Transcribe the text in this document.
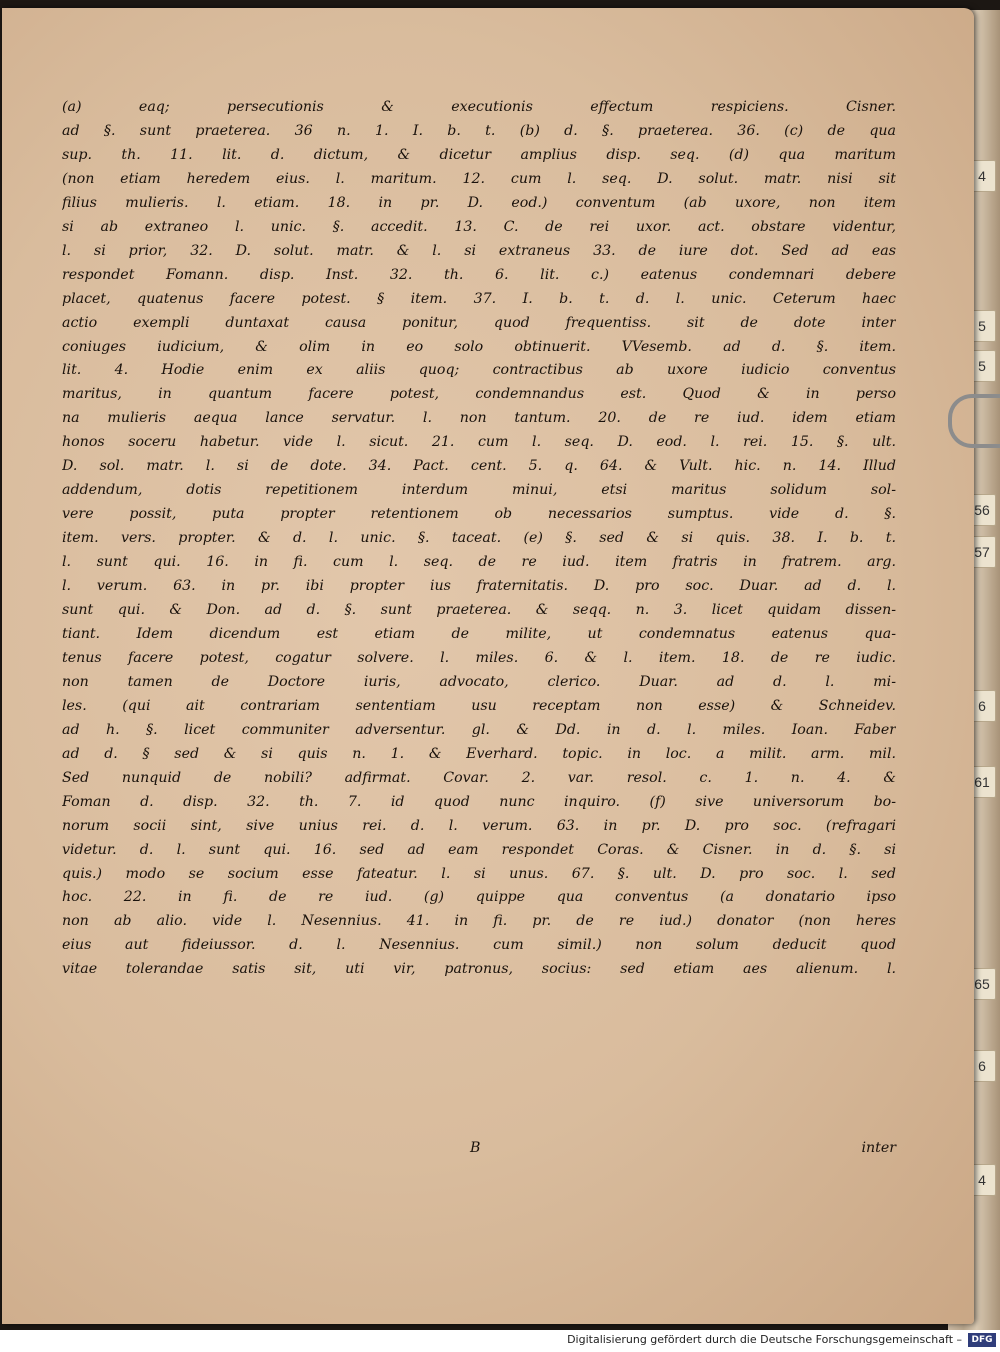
4
5
5
56
57
6
61
65
6
4
(a) eaq; persecutionis & executionis effectum respiciens. Cisner.
ad §. sunt praeterea. 36 n. 1. I. b. t. (b) d. §. praeterea. 36. (c) de qua
sup. th. 11. lit. d. dictum, & dicetur amplius disp. seq. (d) qua maritum
(non etiam heredem eius. l. maritum. 12. cum l. seq. D. solut. matr. nisi sit
filius mulieris. l. etiam. 18. in pr. D. eod.) conventum (ab uxore, non item
si ab extraneo l. unic. §. accedit. 13. C. de rei uxor. act. obstare videntur,
l. si prior, 32. D. solut. matr. & l. si extraneus 33. de iure dot. Sed ad eas
respondet Fomann. disp. Inst. 32. th. 6. lit. c.) eatenus condemnari debere
placet, quatenus facere potest. § item. 37. I. b. t. d. l. unic. Ceterum haec
actio exempli duntaxat causa ponitur, quod frequentiss. sit de dote inter
coniuges iudicium, & olim in eo solo obtinuerit. VVesemb. ad d. §. item.
lit. 4. Hodie enim ex aliis quoq; contractibus ab uxore iudicio conventus
maritus, in quantum facere potest, condemnandus est. Quod & in perso
na mulieris aequa lance servatur. l. non tantum. 20. de re iud. idem etiam
honos soceru habetur. vide l. sicut. 21. cum l. seq. D. eod. l. rei. 15. §. ult.
D. sol. matr. l. si de dote. 34. Pact. cent. 5. q. 64. & Vult. hic. n. 14. Illud
addendum, dotis repetitionem interdum minui, etsi maritus solidum sol-
vere possit, puta propter retentionem ob necessarios sumptus. vide d. §.
item. vers. propter. & d. l. unic. §. taceat. (e) §. sed & si quis. 38. I. b. t.
l. sunt qui. 16. in fi. cum l. seq. de re iud. item fratris in fratrem. arg.
l. verum. 63. in pr. ibi propter ius fraternitatis. D. pro soc. Duar. ad d. l.
sunt qui. & Don. ad d. §. sunt praeterea. & seqq. n. 3. licet quidam dissen-
tiant. Idem dicendum est etiam de milite, ut condemnatus eatenus qua-
tenus facere potest, cogatur solvere. l. miles. 6. & l. item. 18. de re iudic.
non tamen de Doctore iuris, advocato, clerico. Duar. ad d. l. mi-
les. (qui ait contrariam sententiam usu receptam non esse) & Schneidev.
ad h. §. licet communiter adversentur. gl. & Dd. in d. l. miles. Ioan. Faber
ad d. § sed & si quis n. 1. & Everhard. topic. in loc. a milit. arm. mil.
Sed nunquid de nobili? adfirmat. Covar. 2. var. resol. c. 1. n. 4. &
Foman d. disp. 32. th. 7. id quod nunc inquiro. (f) sive universorum bo-
norum socii sint, sive unius rei. d. l. verum. 63. in pr. D. pro soc. (refragari
videtur. d. l. sunt qui. 16. sed ad eam respondet Coras. & Cisner. in d. §. si
quis.) modo se socium esse fateatur. l. si unus. 67. §. ult. D. pro soc. l. sed
hoc. 22. in fi. de re iud. (g) quippe qua conventus (a donatario ipso
non ab alio. vide l. Nesennius. 41. in fi. pr. de re iud.) donator (non heres
eius aut fideiussor. d. l. Nesennius. cum simil.) non solum deducit quod
vitae tolerandae satis sit, uti vir, patronus, socius: sed etiam aes alienum. l.
B	inter
Digitalisierung gefördert durch die Deutsche Forschungsgemeinschaft –	DFG
